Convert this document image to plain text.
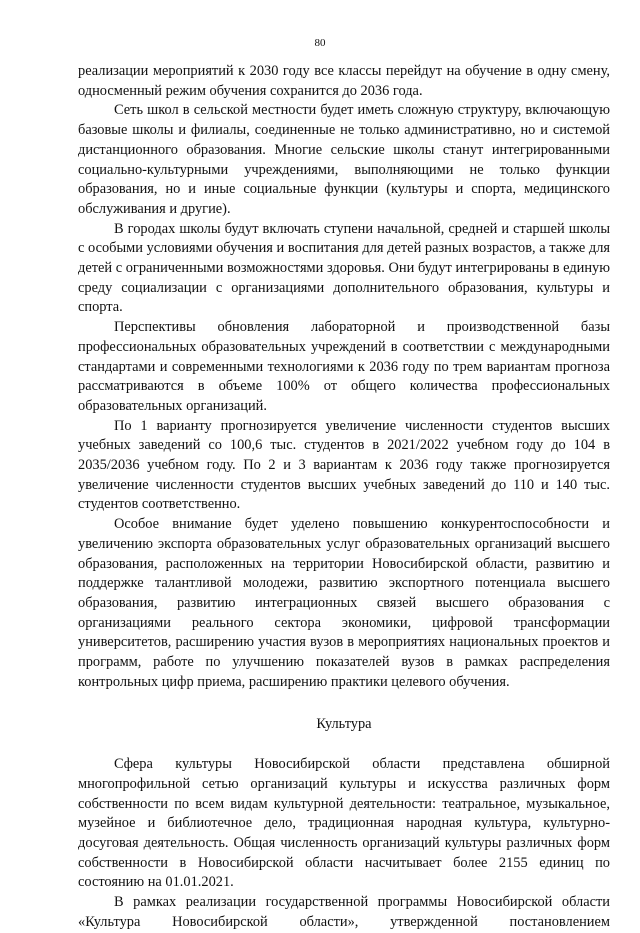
80

реализации мероприятий к 2030 году все классы перейдут на обучение в одну смену, односменный режим обучения сохранится до 2036 года.

Сеть школ в сельской местности будет иметь сложную структуру, включающую базовые школы и филиалы, соединенные не только административно, но и системой дистанционного образования. Многие сельские школы станут интегрированными социально-культурными учреждениями, выполняющими не только функции образования, но и иные социальные функции (культуры и спорта, медицинского обслуживания и другие).

В городах школы будут включать ступени начальной, средней и старшей школы с особыми условиями обучения и воспитания для детей разных возрастов, а также для детей с ограниченными возможностями здоровья. Они будут интегрированы в единую среду социализации с организациями дополнительного образования, культуры и спорта.

Перспективы обновления лабораторной и производственной базы профессиональных образовательных учреждений в соответствии с международными стандартами и современными технологиями к 2036 году по трем вариантам прогноза рассматриваются в объеме 100% от общего количества профессиональных образовательных организаций.

По 1 варианту прогнозируется увеличение численности студентов высших учебных заведений со 100,6 тыс. студентов в 2021/2022 учебном году до 104 в 2035/2036 учебном году. По 2 и 3 вариантам к 2036 году также прогнозируется увеличение численности студентов высших учебных заведений до 110 и 140 тыс. студентов соответственно.

Особое внимание будет уделено повышению конкурентоспособности и увеличению экспорта образовательных услуг образовательных организаций высшего образования, расположенных на территории Новосибирской области, развитию и поддержке талантливой молодежи, развитию экспортного потенциала высшего образования, развитию интеграционных связей высшего образования с организациями реального сектора экономики, цифровой трансформации университетов, расширению участия вузов в мероприятиях национальных проектов и программ, работе по улучшению показателей вузов в рамках распределения контрольных цифр приема, расширению практики целевого обучения.

Культура

Сфера культуры Новосибирской области представлена обширной многопрофильной сетью организаций культуры и искусства различных форм собственности по всем видам культурной деятельности: театральное, музыкальное, музейное и библиотечное дело, традиционная народная культура, культурно-досуговая деятельность. Общая численность организаций культуры различных форм собственности в Новосибирской области насчитывает более 2155 единиц по состоянию на 01.01.2021.

В рамках реализации государственной программы Новосибирской области «Культура Новосибирской области», утвержденной постановлением
